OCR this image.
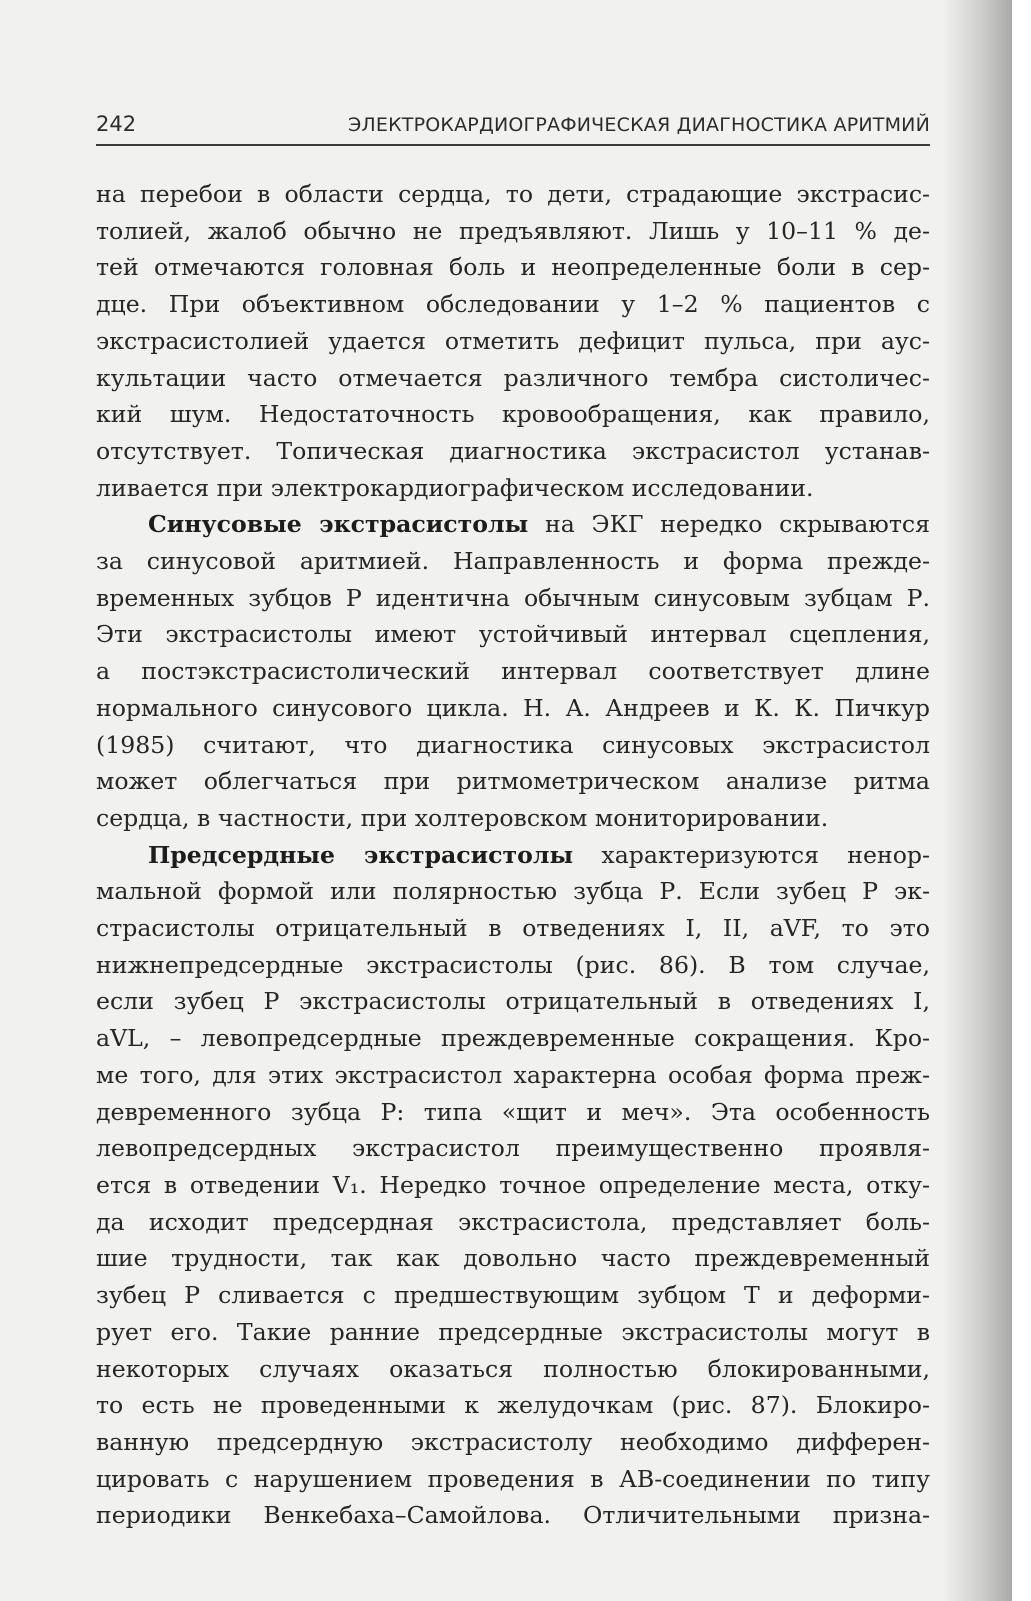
242	ЭЛЕКТРОКАРДИОГРАФИЧЕСКАЯ ДИАГНОСТИКА АРИТМИЙ

на перебои в области сердца, то дети, страдающие экстрасис-
толией, жалоб обычно не предъявляют. Лишь у 10–11 % де-
тей отмечаются головная боль и неопределенные боли в сер-
дце. При объективном обследовании у 1–2 % пациентов с
экстрасистолией удается отметить дефицит пульса, при аус-
культации часто отмечается различного тембра систоличес-
кий шум. Недостаточность кровообращения, как правило,
отсутствует. Топическая диагностика экстрасистол устанав-
ливается при электрокардиографическом исследовании.

Синусовые экстрасистолы на ЭКГ нередко скрываются
за синусовой аритмией. Направленность и форма прежде-
временных зубцов Р идентична обычным синусовым зубцам Р.
Эти экстрасистолы имеют устойчивый интервал сцепления,
а постэкстрасистолический интервал соответствует длине
нормального синусового цикла. Н. А. Андреев и К. К. Пичкур
(1985) считают, что диагностика синусовых экстрасистол
может облегчаться при ритмометрическом анализе ритма
сердца, в частности, при холтеровском мониторировании.

Предсердные экстрасистолы характеризуются ненор-
мальной формой или полярностью зубца Р. Если зубец Р эк-
страсистолы отрицательный в отведениях I, II, aVF, то это
нижнепредсердные экстрасистолы (рис. 86). В том случае,
если зубец Р экстрасистолы отрицательный в отведениях I,
aVL, – левопредсердные преждевременные сокращения. Кро-
ме того, для этих экстрасистол характерна особая форма преж-
девременного зубца Р: типа «щит и меч». Эта особенность
левопредсердных экстрасистол преимущественно проявля-
ется в отведении V₁. Нередко точное определение места, отку-
да исходит предсердная экстрасистола, представляет боль-
шие трудности, так как довольно часто преждевременный
зубец Р сливается с предшествующим зубцом Т и деформи-
рует его. Такие ранние предсердные экстрасистолы могут в
некоторых случаях оказаться полностью блокированными,
то есть не проведенными к желудочкам (рис. 87). Блокиро-
ванную предсердную экстрасистолу необходимо дифферен-
цировать с нарушением проведения в АВ-соединении по типу
периодики Венкебаха–Самойлова. Отличительными призна-
